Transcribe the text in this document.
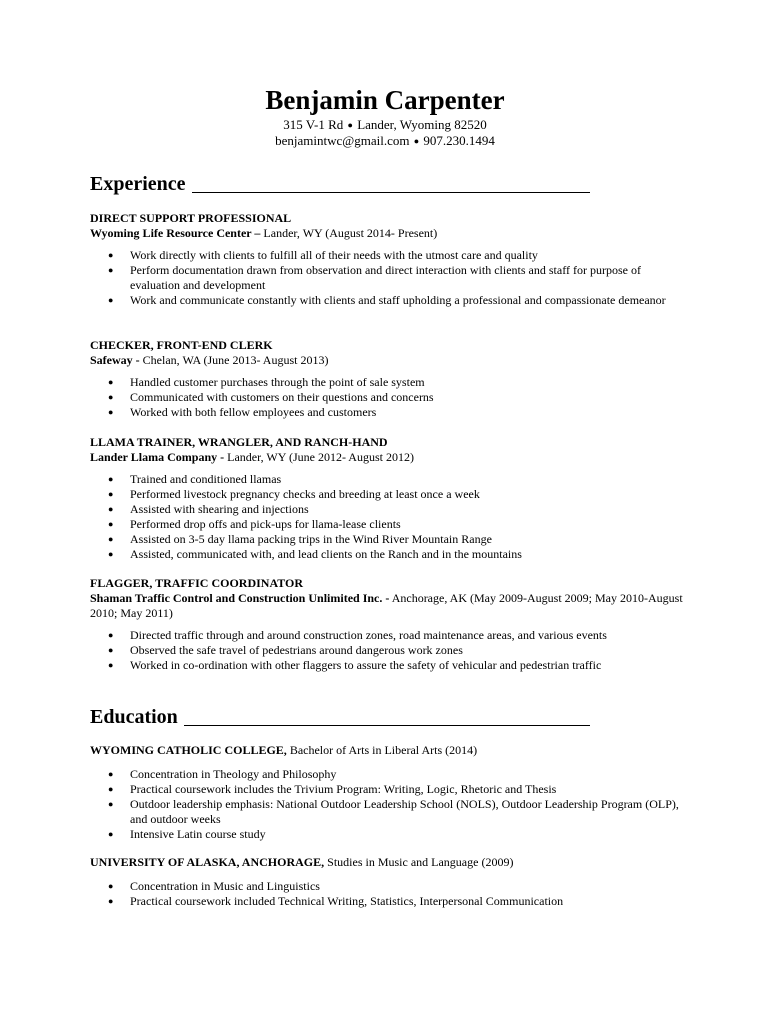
Benjamin Carpenter

315 V-1 Rd ● Lander, Wyoming 82520

benjamintwc@gmail.com ● 907.230.1494

Experience

DIRECT SUPPORT PROFESSIONAL

Wyoming Life Resource Center – Lander, WY (August 2014- Present)

● Work directly with clients to fulfill all of their needs with the utmost care and quality
● Perform documentation drawn from observation and direct interaction with clients and staff for purpose of evaluation and development
● Work and communicate constantly with clients and staff upholding a professional and compassionate demeanor

CHECKER, FRONT-END CLERK

Safeway - Chelan, WA (June 2013- August 2013)

● Handled customer purchases through the point of sale system
● Communicated with customers on their questions and concerns
● Worked with both fellow employees and customers

LLAMA TRAINER, WRANGLER, AND RANCH-HAND

Lander Llama Company - Lander, WY (June 2012- August 2012)

● Trained and conditioned llamas
● Performed livestock pregnancy checks and breeding at least once a week
● Assisted with shearing and injections
● Performed drop offs and pick-ups for llama-lease clients
● Assisted on 3-5 day llama packing trips in the Wind River Mountain Range
● Assisted, communicated with, and lead clients on the Ranch and in the mountains

FLAGGER, TRAFFIC COORDINATOR

Shaman Traffic Control and Construction Unlimited Inc. - Anchorage, AK (May 2009-August 2009; May 2010-August 2010; May 2011)

● Directed traffic through and around construction zones, road maintenance areas, and various events
● Observed the safe travel of pedestrians around dangerous work zones
● Worked in co-ordination with other flaggers to assure the safety of vehicular and pedestrian traffic
Education

WYOMING CATHOLIC COLLEGE, Bachelor of Arts in Liberal Arts (2014)

● Concentration in Theology and Philosophy
● Practical coursework includes the Trivium Program: Writing, Logic, Rhetoric and Thesis
● Outdoor leadership emphasis: National Outdoor Leadership School (NOLS), Outdoor Leadership Program (OLP), and outdoor weeks
● Intensive Latin course study

UNIVERSITY OF ALASKA, ANCHORAGE, Studies in Music and Language (2009)

● Concentration in Music and Linguistics
● Practical coursework included Technical Writing, Statistics, Interpersonal Communication
